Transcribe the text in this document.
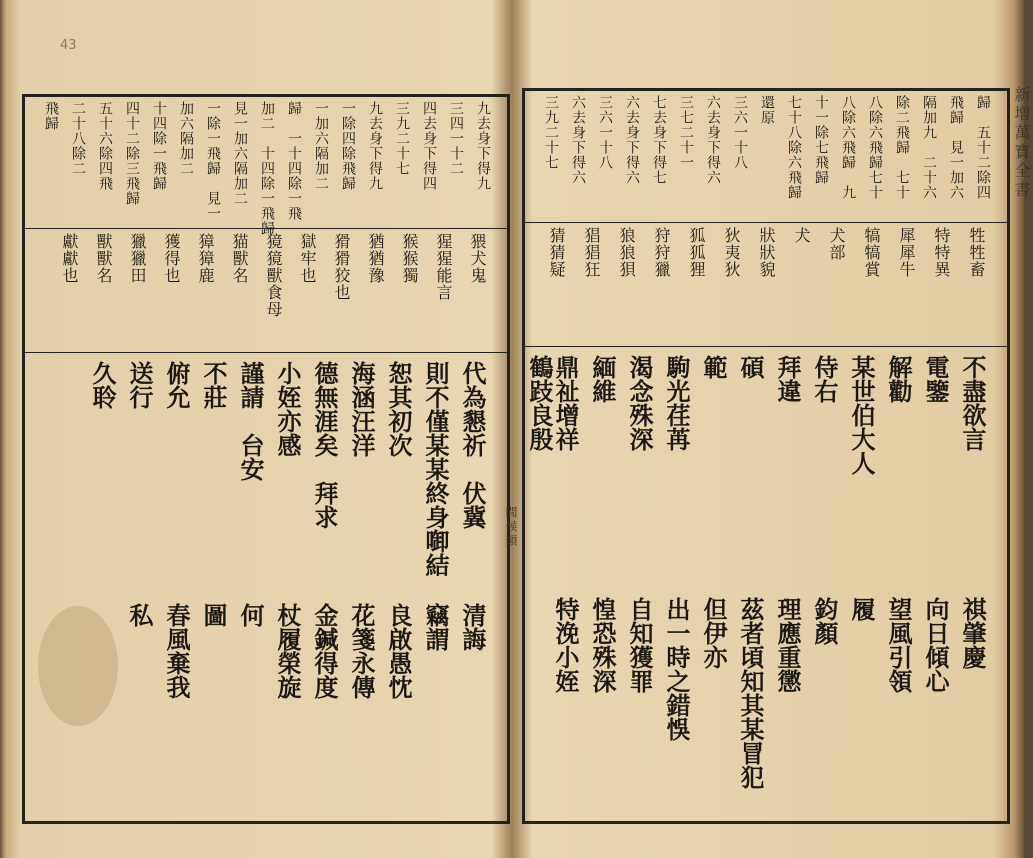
43
九去身下得九
三四一十二
四去身下得四
三九二十七
九去身下得九
一除四除飛歸
一加六隔加二
歸　一十四除一飛
加二　十四除一飛歸
見一加六隔加二
一除一飛歸　見一
加六隔加二
十四除一飛歸
四十二除三飛歸
五十六除四飛
二十八除二
飛歸
猥犬鬼
猩猩能言
猴猴獨
猶猶豫
猾猾狡也
獄牢也
獍獍獸食母
猫獸名
獐獐鹿
獲得也
獵獵田
獸獸名
獻獻也
代為懇祈　伏冀
則不僅某某終身啣結
恕其初次
海涵汪洋
德無涯矣　拜求
小姪亦感
謹請　台安
不莊
俯允
送行
久聆
清誨
竊謂
良啟愚忱
花箋永傳
金鍼得度
杖履榮旋
何
圖
春風棄我
私
間候類
新增萬寶全書
歸　五十二除四
飛歸　見一加六
隔加九　二十六
除二飛歸　七十
八除六飛歸七十
八除六飛歸　九
十一除七飛歸
七十八除六飛歸
還原
三六一十八
六去身下得六
三七二十一
七去身下得七
六去身下得六
三六一十八
六去身下得六
三九二十七
牲牲畜
特特異
犀犀牛
犒犒賞
犬部
犬
狀狀貌
狄夷狄
狐狐狸
狩狩獵
狼狼狽
猖猖狂
猜猜疑
不盡欲言
電鑒
解勸
某世伯大人
侍右
拜違
碩
範
駒光荏苒
渴念殊深
緬維
鼎祉增祥
鶴跂良殷
祺肇慶
向日傾心
望風引領
履
鈞顏
理應重懲
茲者頃知其某冒犯
但伊亦
出一時之錯悞
自知獲罪
惶恐殊深
特浼小姪
